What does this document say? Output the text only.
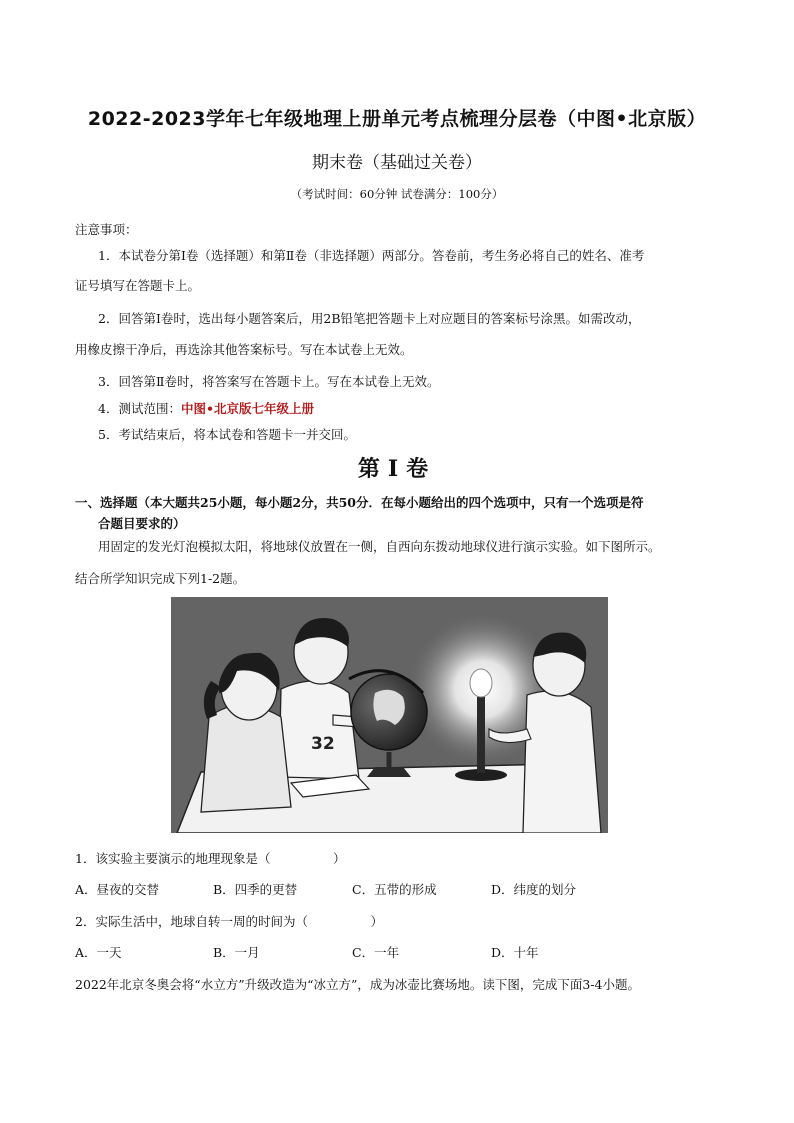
2022-2023学年七年级地理上册单元考点梳理分层卷（中图•北京版）
期末卷（基础过关卷）
（考试时间：60分钟 试卷满分：100分）
注意事项：
1．本试卷分第Ⅰ卷（选择题）和第Ⅱ卷（非选择题）两部分。答卷前，考生务必将自己的姓名、准考
证号填写在答题卡上。
2．回答第Ⅰ卷时，选出每小题答案后，用2B铅笔把答题卡上对应题目的答案标号涂黑。如需改动，
用橡皮擦干净后，再选涂其他答案标号。写在本试卷上无效。
3．回答第Ⅱ卷时，将答案写在答题卡上。写在本试卷上无效。
4．测试范围：中图•北京版七年级上册
5．考试结束后，将本试卷和答题卡一并交回。
第Ⅰ卷
一、选择题（本大题共25小题，每小题2分，共50分．在每小题给出的四个选项中，只有一个选项是符
合题目要求的）
用固定的发光灯泡模拟太阳，将地球仪放置在一侧，自西向东拨动地球仪进行演示实验。如下图所示。
结合所学知识完成下列1-2题。
32
1．该实验主要演示的地理现象是（　　　　　）
A．昼夜的交替	B．四季的更替	C．五带的形成	D．纬度的划分
2．实际生活中，地球自转一周的时间为（　　　　　）
A．一天	B．一月	C．一年	D．十年
2022年北京冬奥会将“水立方”升级改造为“冰立方”，成为冰壶比赛场地。读下图，完成下面3-4小题。
